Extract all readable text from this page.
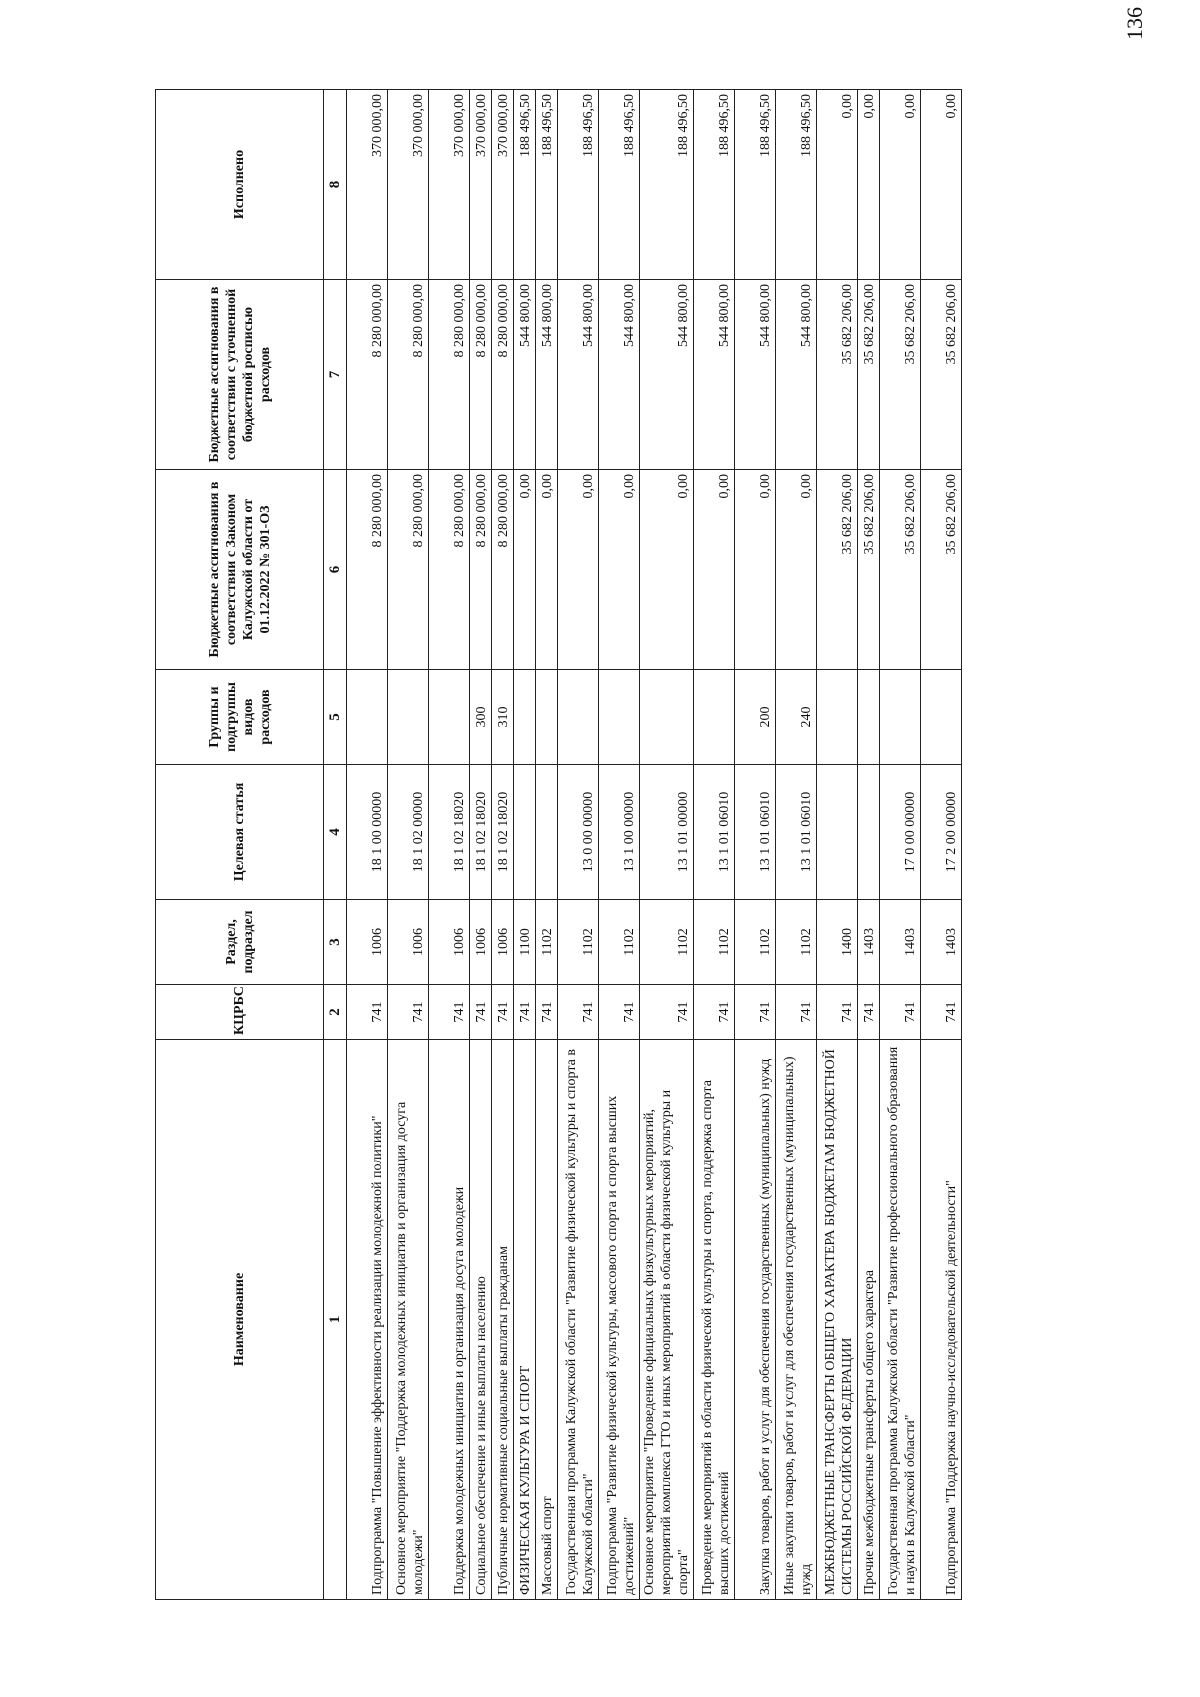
136
Наименование	КЦРБС	Раздел, подраздел	Целевая статья	Группы и подгруппы видов расходов	Бюджетные ассигнования в соответствии с Законом Калужской области от 01.12.2022 № 301-ОЗ	Бюджетные ассигнования в соответствии с уточненной бюджетной росписью расходов	Исполнено
1	2	3	4	5	6	7	8
Подпрограмма "Повышение эффективности реализации молодежной политики"	741	1006	18 1 00 00000		8 280 000,00	8 280 000,00	370 000,00
Основное мероприятие "Поддержка молодежных инициатив и организация досуга молодежи"	741	1006	18 1 02 00000		8 280 000,00	8 280 000,00	370 000,00
Поддержка молодежных инициатив и организация досуга молодежи	741	1006	18 1 02 18020		8 280 000,00	8 280 000,00	370 000,00
Социальное обеспечение и иные выплаты населению	741	1006	18 1 02 18020	300	8 280 000,00	8 280 000,00	370 000,00
Публичные нормативные социальные выплаты гражданам	741	1006	18 1 02 18020	310	8 280 000,00	8 280 000,00	370 000,00
ФИЗИЧЕСКАЯ КУЛЬТУРА И СПОРТ	741	1100			0,00	544 800,00	188 496,50
Массовый спорт	741	1102			0,00	544 800,00	188 496,50
Государственная программа Калужской области "Развитие физической культуры и спорта в Калужской области"	741	1102	13 0 00 00000		0,00	544 800,00	188 496,50
Подпрограмма "Развитие физической культуры, массового спорта и спорта высших достижений"	741	1102	13 1 00 00000		0,00	544 800,00	188 496,50
Основное мероприятие "Проведение официальных физкультурных мероприятий, мероприятий комплекса ГТО и иных мероприятий в области физической культуры и спорта"	741	1102	13 1 01 00000		0,00	544 800,00	188 496,50
Проведение мероприятий в области физической культуры и спорта, поддержка спорта высших достижений	741	1102	13 1 01 06010		0,00	544 800,00	188 496,50
Закупка товаров, работ и услуг для обеспечения государственных (муниципальных) нужд	741	1102	13 1 01 06010	200	0,00	544 800,00	188 496,50
Иные закупки товаров, работ и услуг для обеспечения государственных (муниципальных) нужд	741	1102	13 1 01 06010	240	0,00	544 800,00	188 496,50
МЕЖБЮДЖЕТНЫЕ ТРАНСФЕРТЫ ОБЩЕГО ХАРАКТЕРА БЮДЖЕТАМ БЮДЖЕТНОЙ СИСТЕМЫ РОССИЙСКОЙ ФЕДЕРАЦИИ	741	1400			35 682 206,00	35 682 206,00	0,00
Прочие межбюджетные трансферты общего характера	741	1403			35 682 206,00	35 682 206,00	0,00
Государственная программа Калужской области "Развитие профессионального образования и науки в Калужской области"	741	1403	17 0 00 00000		35 682 206,00	35 682 206,00	0,00
Подпрограмма "Поддержка научно-исследовательской деятельности"	741	1403	17 2 00 00000		35 682 206,00	35 682 206,00	0,00
